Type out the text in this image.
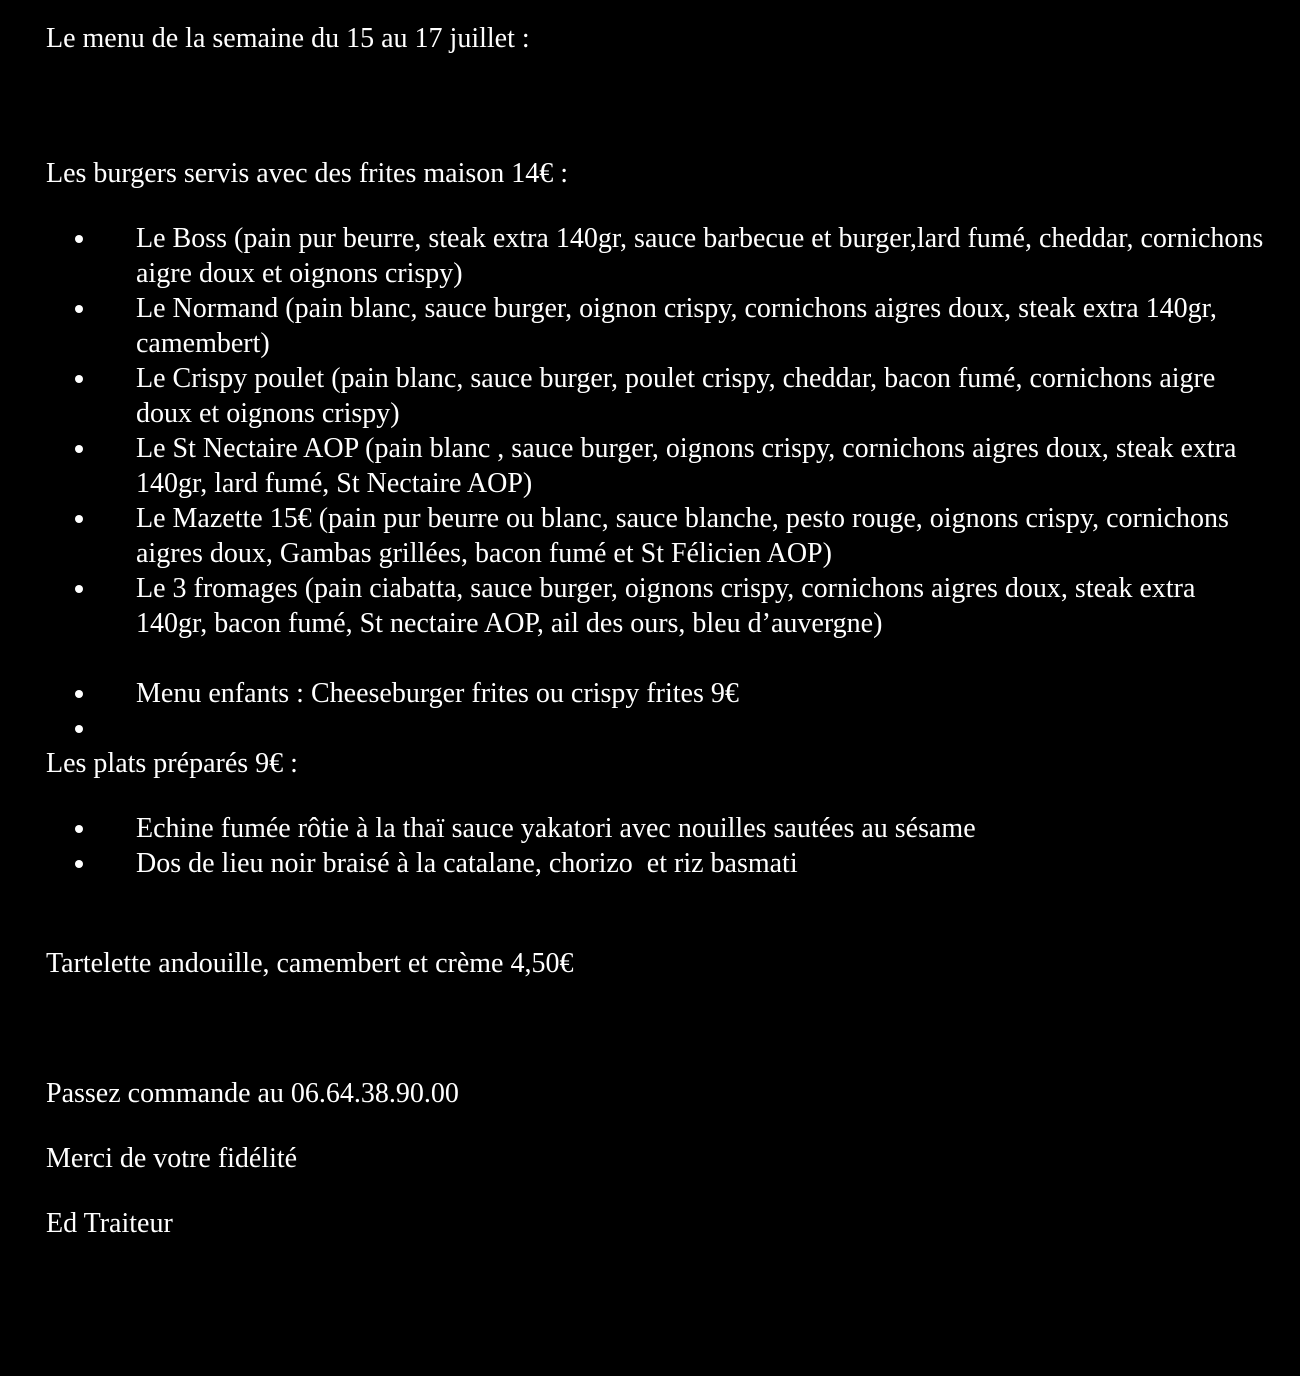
Le menu de la semaine du 15 au 17 juillet :

Les burgers servis avec des frites maison 14€ :

Le Boss (pain pur beurre, steak extra 140gr, sauce barbecue et burger,lard fumé, cheddar, cornichons aigre doux et oignons crispy)
Le Normand (pain blanc, sauce burger, oignon crispy, cornichons aigres doux, steak extra 140gr, camembert)
Le Crispy poulet (pain blanc, sauce burger, poulet crispy, cheddar, bacon fumé, cornichons aigre doux et oignons crispy)
Le St Nectaire AOP (pain blanc , sauce burger, oignons crispy, cornichons aigres doux, steak extra 140gr, lard fumé, St Nectaire AOP)
Le Mazette 15€ (pain pur beurre ou blanc, sauce blanche, pesto rouge, oignons crispy, cornichons aigres doux, Gambas grillées, bacon fumé et St Félicien AOP)
Le 3 fromages (pain ciabatta, sauce burger, oignons crispy, cornichons aigres doux, steak extra 140gr, bacon fumé, St nectaire AOP, ail des ours, bleu d’auvergne)
Menu enfants : Cheeseburger frites ou crispy frites 9€

Les plats préparés 9€ :

Echine fumée rôtie à la thaï sauce yakatori avec nouilles sautées au sésame
Dos de lieu noir braisé à la catalane, chorizo  et riz basmati

Tartelette andouille, camembert et crème 4,50€

Passez commande au 06.64.38.90.00

Merci de votre fidélité

Ed Traiteur
